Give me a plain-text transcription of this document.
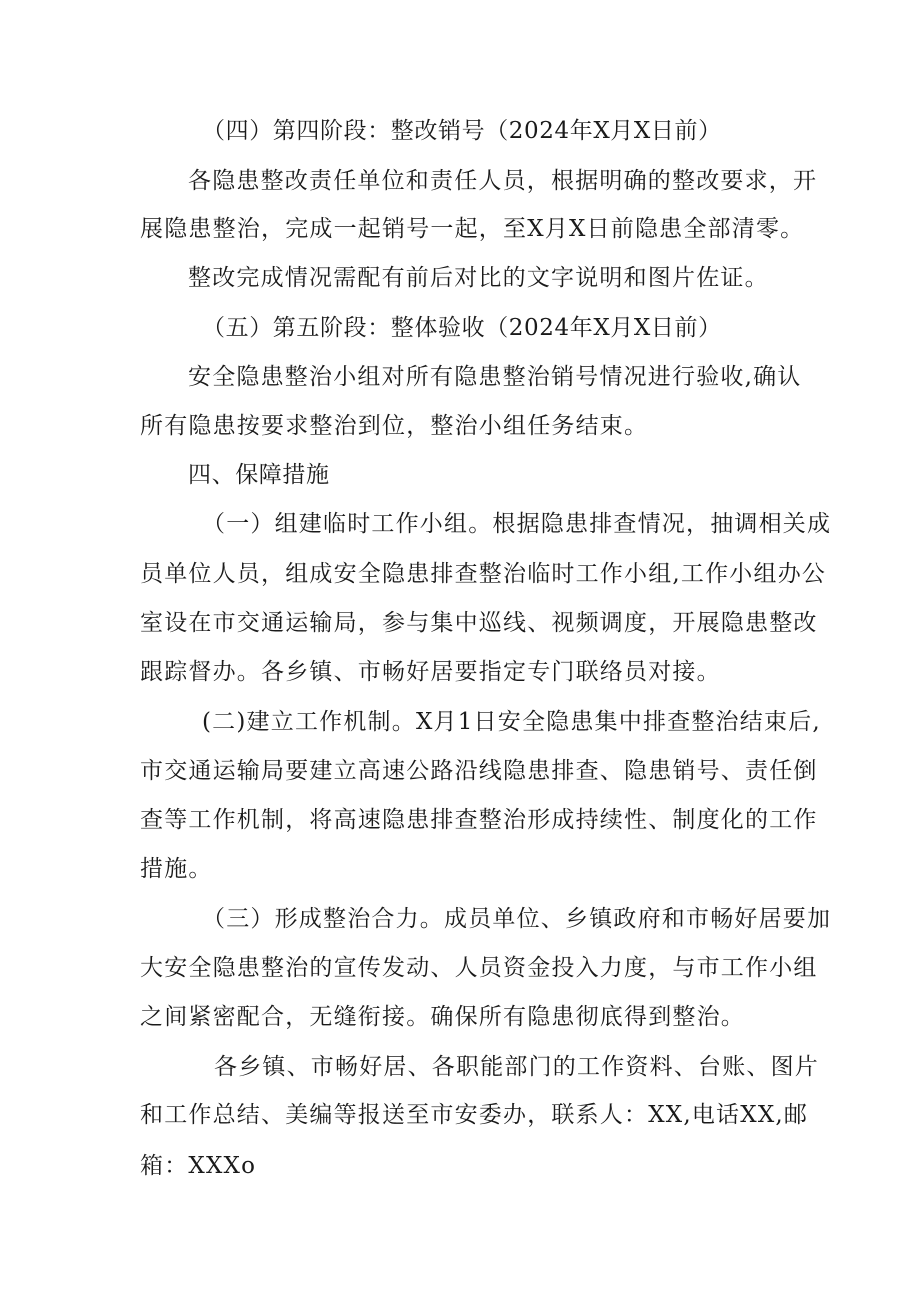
（四）第四阶段：整改销号（2024年X月X日前）
各隐患整改责任单位和责任人员，根据明确的整改要求，开
展隐患整治，完成一起销号一起，至X月X日前隐患全部清零。
整改完成情况需配有前后对比的文字说明和图片佐证。
（五）第五阶段：整体验收（2024年X月X日前）
安全隐患整治小组对所有隐患整治销号情况进行验收,确认
所有隐患按要求整治到位，整治小组任务结束。
四、保障措施
（一）组建临时工作小组。根据隐患排查情况，抽调相关成
员单位人员，组成安全隐患排查整治临时工作小组,工作小组办公
室设在市交通运输局，参与集中巡线、视频调度，开展隐患整改
跟踪督办。各乡镇、市畅好居要指定专门联络员对接。
(二)建立工作机制。X月1日安全隐患集中排查整治结束后,
市交通运输局要建立高速公路沿线隐患排查、隐患销号、责任倒
查等工作机制，将高速隐患排查整治形成持续性、制度化的工作
措施。
（三）形成整治合力。成员单位、乡镇政府和市畅好居要加
大安全隐患整治的宣传发动、人员资金投入力度，与市工作小组
之间紧密配合，无缝衔接。确保所有隐患彻底得到整治。
各乡镇、市畅好居、各职能部门的工作资料、台账、图片
和工作总结、美编等报送至市安委办，联系人：XX,电话XX,邮
箱：XXXo
